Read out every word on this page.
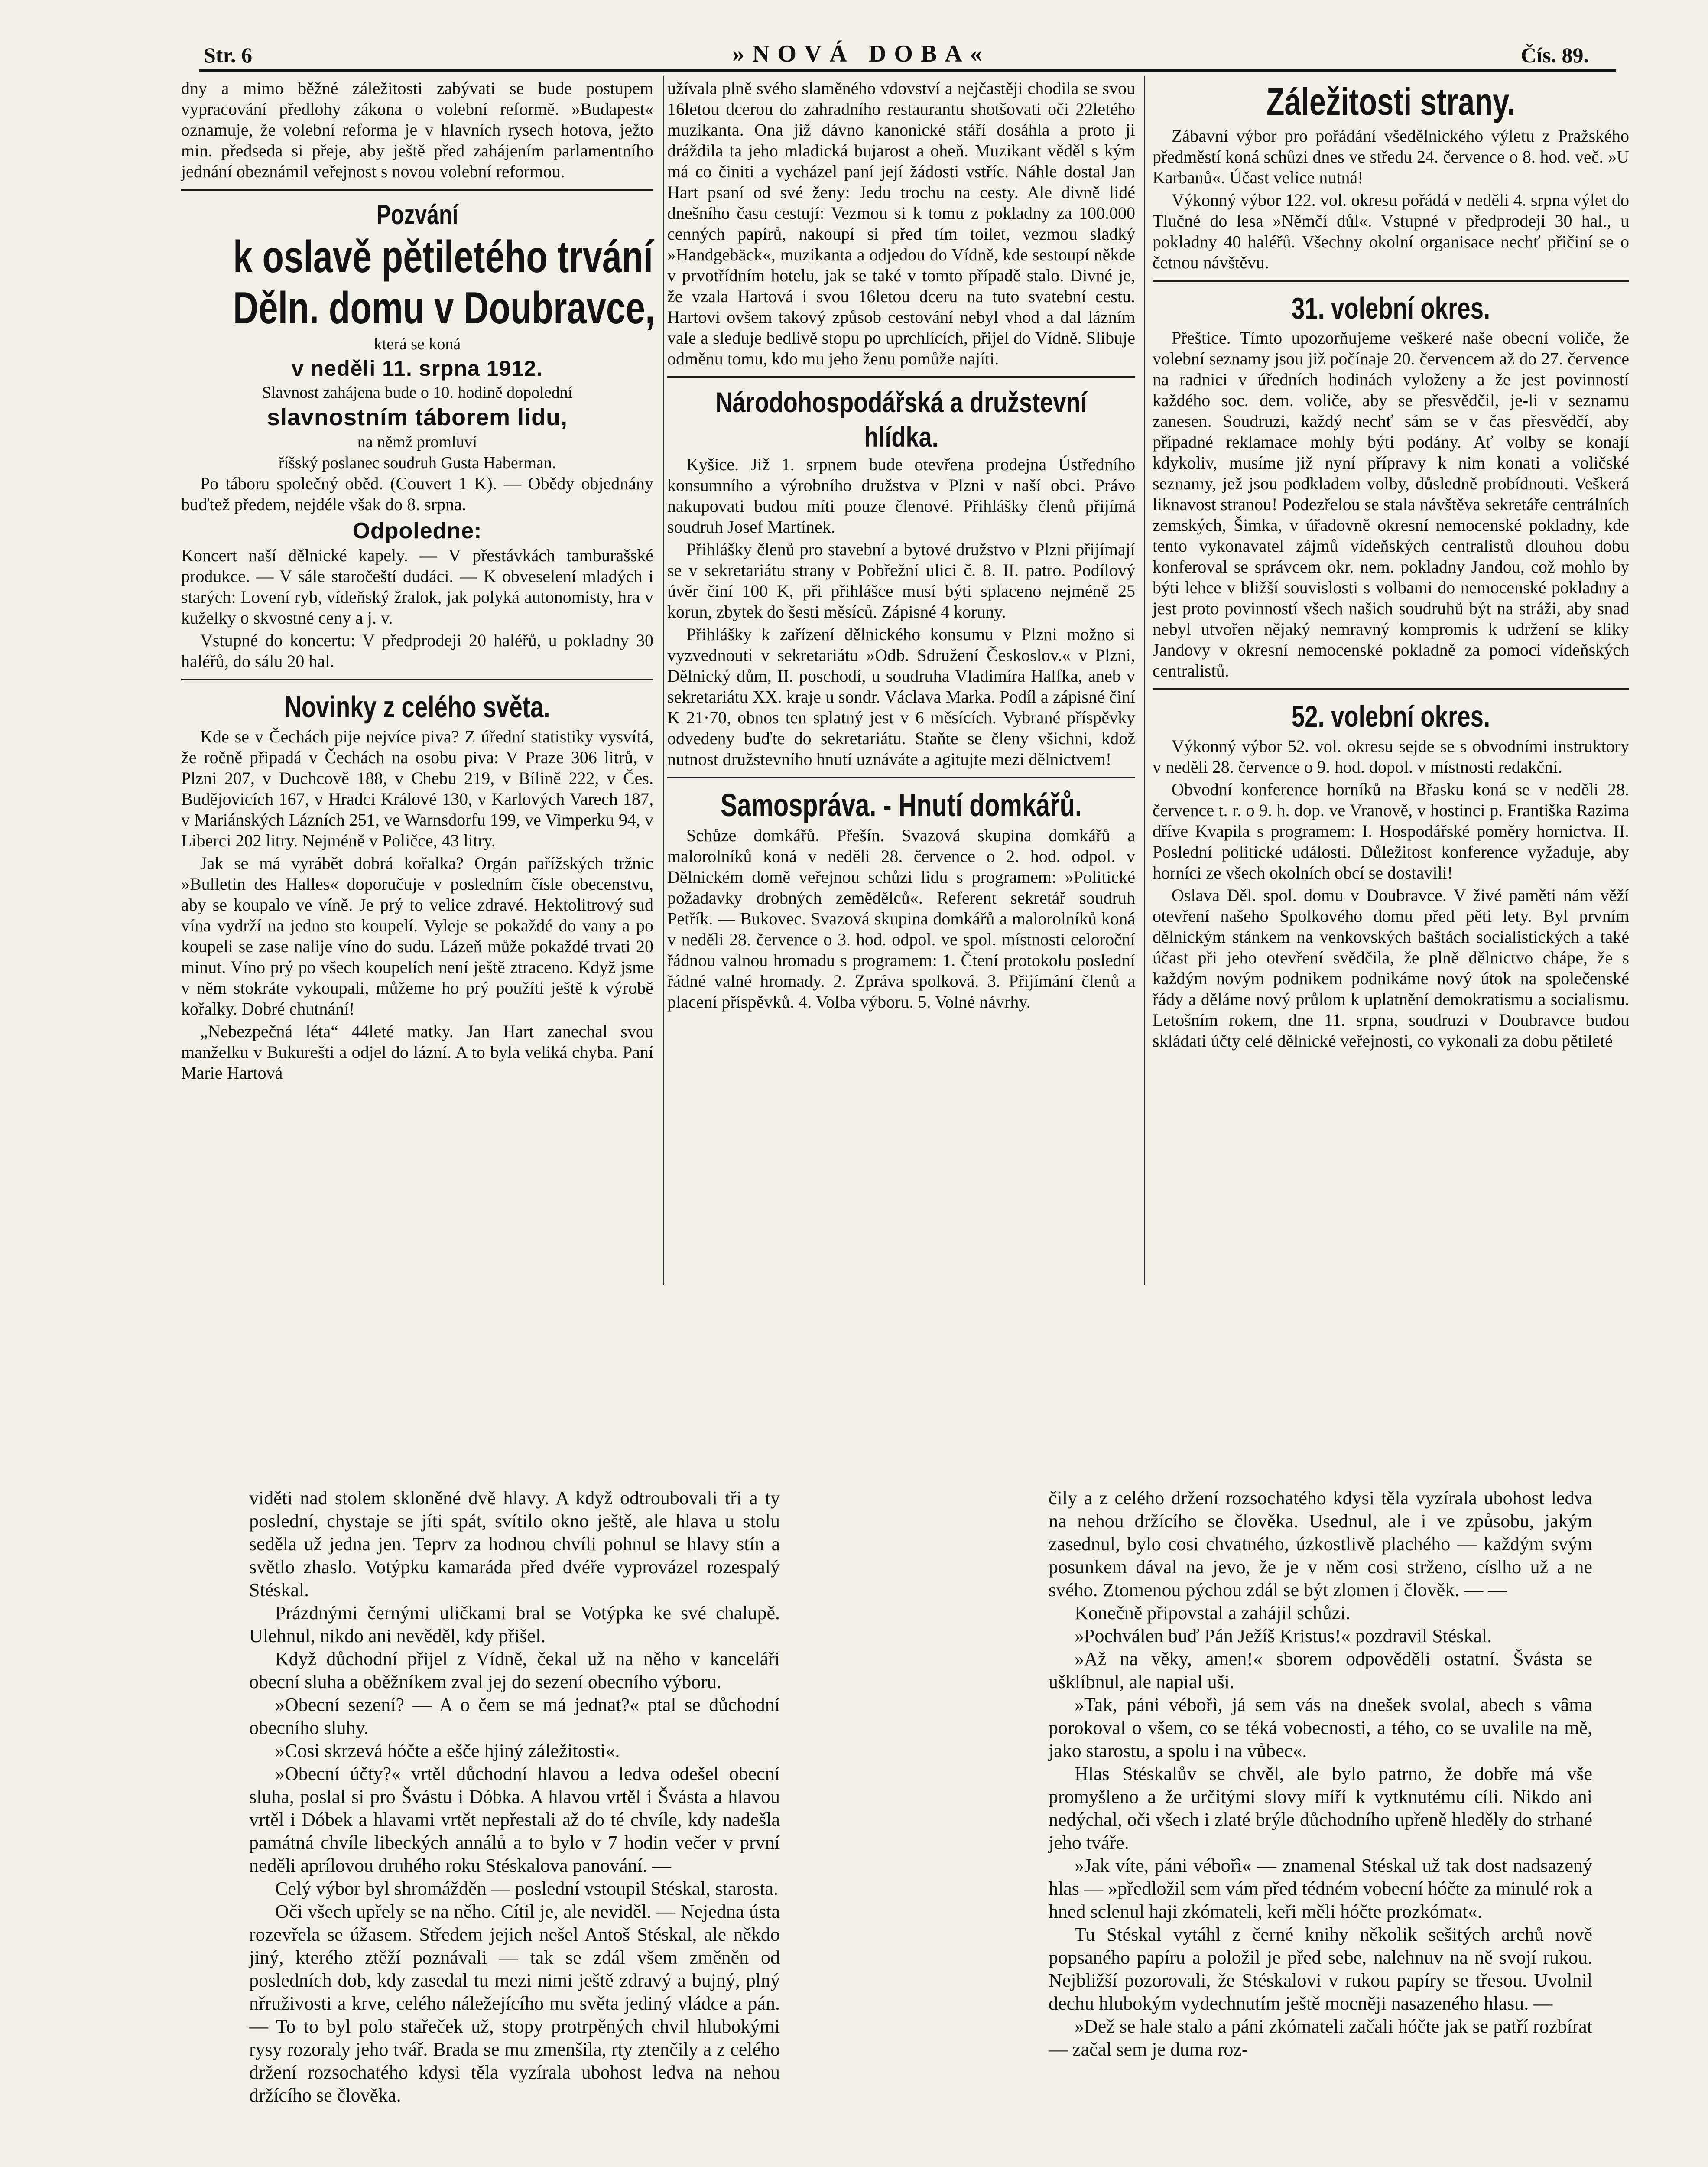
Str. 6	»NOVÁ DOBA«	Čís. 89.

dny a mimo běžné záležitosti zabývati se bude postupem vypracování předlohy zákona o volební reformě. »Budapest« oznamuje, že volební reforma je v hlavních rysech hotova, ježto min. předseda si přeje, aby ještě před zahájením parlamentního jednání obeznámil veřejnost s novou volební reformou.

Pozvání
k oslavě pětiletého trvání
Děln. domu v Doubravce,
která se koná
v neděli 11. srpna 1912.
Slavnost zahájena bude o 10. hodině dopolední
slavnostním táborem lidu,
na němž promluví
říšský poslanec soudruh Gusta Haberman.

Po táboru společný oběd. (Couvert 1 K). — Obědy objednány buďtež předem, nejdéle však do 8. srpna.

Odpoledne:

Koncert naší dělnické kapely. — V přestávkách tamburašské produkce. — V sále staročeští dudáci. — K obveselení mladých i starých: Lovení ryb, vídeňský žralok, jak polyká autonomisty, hra v kuželky o skvostné ceny a j. v.

Vstupné do koncertu: V předprodeji 20 haléřů, u pokladny 30 haléřů, do sálu 20 hal.

Novinky z celého světa.

Kde se v Čechách pije nejvíce piva? Z úřední statistiky vysvítá, že ročně připadá v Čechách na osobu piva: V Praze 306 litrů, v Plzni 207, v Duchcově 188, v Chebu 219, v Bílině 222, v Čes. Budějovicích 167, v Hradci Králové 130, v Karlových Varech 187, v Mariánských Lázních 251, ve Warnsdorfu 199, ve Vimperku 94, v Liberci 202 litry. Nejméně v Poličce, 43 litry.

Jak se má vyrábět dobrá kořalka? Orgán pařížských tržnic »Bulletin des Halles« doporučuje v posledním čísle obecenstvu, aby se koupalo ve víně. Je prý to velice zdravé. Hektolitrový sud vína vydrží na jedno sto koupelí. Vyleje se pokaždé do vany a po koupeli se zase nalije víno do sudu. Lázeň může pokaždé trvati 20 minut. Víno prý po všech koupelích není ještě ztraceno. Když jsme v něm stokráte vykoupali, můžeme ho prý použíti ještě k výrobě kořalky. Dobré chutnání!

„Nebezpečná léta“ 44leté matky. Jan Hart zanechal svou manželku v Bukurešti a odjel do lázní. A to byla veliká chyba. Paní Marie Hartová

užívala plně svého slaměného vdovství a nejčastěji chodila se svou 16letou dcerou do zahradního restaurantu shotšovati oči 22letého muzikanta. Ona již dávno kanonické stáří dosáhla a proto ji dráždila ta jeho mladická bujarost a oheň. Muzikant věděl s kým má co činiti a vycházel paní její žádosti vstříc. Náhle dostal Jan Hart psaní od své ženy: Jedu trochu na cesty. Ale divně lidé dnešního času cestují: Vezmou si k tomu z pokladny za 100.000 cenných papírů, nakoupí si před tím toilet, vezmou sladký »Handgebäck«, muzikanta a odjedou do Vídně, kde sestoupí někde v prvotřídním hotelu, jak se také v tomto případě stalo. Divné je, že vzala Hartová i svou 16letou dceru na tuto svatební cestu. Hartovi ovšem takový způsob cestování nebyl vhod a dal lázním vale a sleduje bedlivě stopu po uprchlících, přijel do Vídně. Slibuje odměnu tomu, kdo mu jeho ženu pomůže najíti.

Národohospodářská a družstevní hlídka.

Kyšice. Již 1. srpnem bude otevřena prodejna Ústředního konsumního a výrobního družstva v Plzni v naší obci. Právo nakupovati budou míti pouze členové. Přihlášky členů přijímá soudruh Josef Martínek.

Přihlášky členů pro stavební a bytové družstvo v Plzni přijímají se v sekretariátu strany v Pobřežní ulici č. 8. II. patro. Podílový úvěr činí 100 K, při přihlášce musí býti splaceno nejméně 25 korun, zbytek do šesti měsíců. Zápisné 4 koruny.

Přihlášky k zařízení dělnického konsumu v Plzni možno si vyzvednouti v sekretariátu »Odb. Sdružení Českoslov.« v Plzni, Dělnický dům, II. poschodí, u soudruha Vladimíra Halfka, aneb v sekretariátu XX. kraje u sondr. Václava Marka. Podíl a zápisné činí K 21·70, obnos ten splatný jest v 6 měsících. Vybrané příspěvky odvedeny buďte do sekretariátu. Staňte se členy všichni, kdož nutnost družstevního hnutí uznáváte a agitujte mezi dělnictvem!

Samospráva. - Hnutí domkářů.

Schůze domkářů. Přešín. Svazová skupina domkářů a malorolníků koná v neděli 28. července o 2. hod. odpol. v Dělnickém domě veřejnou schůzi lidu s programem: »Politické požadavky drobných zemědělců«. Referent sekretář soudruh Petřík. — Bukovec. Svazová skupina domkářů a malorolníků koná v neděli 28. července o 3. hod. odpol. ve spol. místnosti celoroční řádnou valnou hromadu s programem: 1. Čtení protokolu poslední řádné valné hromady. 2. Zpráva spolková. 3. Přijímání členů a placení příspěvků. 4. Volba výboru. 5. Volné návrhy.

Záležitosti strany.

Zábavní výbor pro pořádání všedělnického výletu z Pražského předměstí koná schůzi dnes ve středu 24. července o 8. hod. več. »U Karbanů«. Účast velice nutná!

Výkonný výbor 122. vol. okresu pořádá v neděli 4. srpna výlet do Tlučné do lesa »Němčí důl«. Vstupné v předprodeji 30 hal., u pokladny 40 haléřů. Všechny okolní organisace nechť přičiní se o četnou návštěvu.

31. volební okres.

Přeštice. Tímto upozorňujeme veškeré naše obecní voliče, že volební seznamy jsou již počínaje 20. červencem až do 27. července na radnici v úředních hodinách vyloženy a že jest povinností každého soc. dem. voliče, aby se přesvědčil, je-li v seznamu zanesen. Soudruzi, každý nechť sám se v čas přesvědčí, aby případné reklamace mohly býti podány. Ať volby se konají kdykoliv, musíme již nyní přípravy k nim konati a voličské seznamy, jež jsou podkladem volby, důsledně probídnouti. Veškerá liknavost stranou! Podezřelou se stala návštěva sekretáře centrálních zemských, Šimka, v úřadovně okresní nemocenské pokladny, kde tento vykonavatel zájmů vídeňských centralistů dlouhou dobu konferoval se správcem okr. nem. pokladny Jandou, což mohlo by býti lehce v bližší souvislosti s volbami do nemocenské pokladny a jest proto povinností všech našich soudruhů být na stráži, aby snad nebyl utvořen nějaký nemravný kompromis k udržení se kliky Jandovy v okresní nemocenské pokladně za pomoci vídeňských centralistů.

52. volební okres.

Výkonný výbor 52. vol. okresu sejde se s obvodními instruktory v neděli 28. července o 9. hod. dopol. v místnosti redakční.

Obvodní konference horníků na Břasku koná se v neděli 28. července t. r. o 9. h. dop. ve Vranově, v hostinci p. Františka Razima dříve Kvapila s programem: I. Hospodářské poměry hornictva. II. Poslední politické události. Důležitost konference vyžaduje, aby horníci ze všech okolních obcí se dostavili!

Oslava Děl. spol. domu v Doubravce. V živé paměti nám věží otevření našeho Spolkového domu před pěti lety. Byl prvním dělnickým stánkem na venkovských baštách socialistických a také účast při jeho otevření svědčila, že plně dělnictvo chápe, že s každým novým podnikem podnikáme nový útok na společenské řády a děláme nový průlom k uplatnění demokratismu a socialismu. Letošním rokem, dne 11. srpna, soudruzi v Doubravce budou skládati účty celé dělnické veřejnosti, co vykonali za dobu pětileté

viděti nad stolem skloněné dvě hlavy. A když odtroubovali tři a ty poslední, chystaje se jíti spát, svítilo okno ještě, ale hlava u stolu seděla už jedna jen. Teprv za hodnou chvíli pohnul se hlavy stín a světlo zhaslo. Votýpku kamaráda před dvéře vyprovázel rozespalý Stéskal.

Prázdnými černými uličkami bral se Votýpka ke své chalupě. Ulehnul, nikdo ani nevěděl, kdy přišel.

Když důchodní přijel z Vídně, čekal už na něho v kanceláři obecní sluha a oběžníkem zval jej do sezení obecního výboru.

»Obecní sezení? — A o čem se má jednat?« ptal se důchodní obecního sluhy.

»Cosi skrzevá hóčte a ešče hjiný záležitosti«.

»Obecní účty?« vrtěl důchodní hlavou a ledva odešel obecní sluha, poslal si pro Švástu i Dóbka. A hlavou vrtěl i Švásta a hlavou vrtěl i Dóbek a hlavami vrtět nepřestali až do té chvíle, kdy nadešla památná chvíle libeckých annálů a to bylo v 7 hodin večer v první neděli aprílovou druhého roku Stéskalova panování. —

Celý výbor byl shromážděn — poslední vstoupil Stéskal, starosta.

Oči všech upřely se na něho. Cítil je, ale neviděl. — Nejedna ústa rozevřela se úžasem. Středem jejich nešel Antoš Stéskal, ale někdo jiný, kterého ztěží poznávali — tak se zdál všem změněn od posledních dob, kdy zasedal tu mezi nimi ještě zdravý a bujný, plný nřruživosti a krve, celého náležejícího mu světa jediný vládce a pán. — To to byl polo stařeček už, stopy protrpěných chvil hlubokými rysy rozoraly jeho tvář. Brada se mu zmenšila, rty ztenčily a z celého držení rozsochatého kdysi těla vyzírala ubohost ledva na nehou držícího se člověka.

čily a z celého držení rozsochatého kdysi těla vyzírala ubohost ledva na nehou držícího se člověka. Usednul, ale i ve způsobu, jakým zasednul, bylo cosi chvatného, úzkostlivě plachého — každým svým posunkem dával na jevo, že je v něm cosi strženo, císlho už a ne svého. Ztomenou pýchou zdál se být zlomen i člověk. — —

Konečně připovstal a zahájil schůzi.

»Pochválen buď Pán Ježíš Kristus!« pozdravil Stéskal.

»Až na věky, amen!« sborem odpověděli ostatní. Švásta se ušklíbnul, ale napial uši.

»Tak, páni vébořì, já sem vás na dnešek svolal, abech s vâma porokoval o všem, co se téká vobecnosti, a tého, co se uvalile na mě, jako starostu, a spolu i na vůbec«.

Hlas Stéskalův se chvěl, ale bylo patrno, že dobře má vše promyšleno a že určitými slovy míří k vytknutému cíli. Nikdo ani nedýchal, oči všech i zlaté brýle důchodního upřeně hleděly do strhané jeho tváře.

»Jak víte, páni vébořì« — znamenal Stéskal už tak dost nadsazený hlas — »předložil sem vám před tédném vobecní hóčte za minulé rok a hned sclenul haji zkómateli, keři měli hóčte prozkómat«.

Tu Stéskal vytáhl z černé knihy několik sešitých archů nově popsaného papíru a položil je před sebe, nalehnuv na ně svojí rukou. Nejbližší pozorovali, že Stéskalovi v rukou papíry se třesou. Uvolnil dechu hlubokým vydechnutím ještě mocněji nasazeného hlasu. —

»Dež se hale stalo a páni zkómateli začali hóčte jak se patří rozbírat — začal sem je duma roz-
